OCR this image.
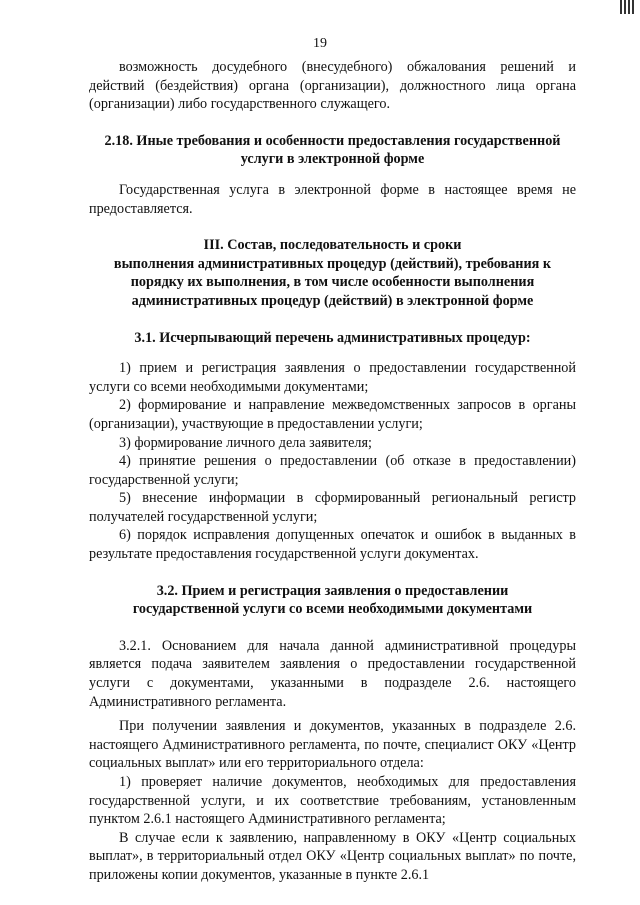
19

возможность досудебного (внесудебного) обжалования решений и действий (бездействия) органа (организации), должностного лица органа (организации) либо государственного служащего.

2.18. Иные требования и особенности предоставления государственной услуги в электронной форме

Государственная услуга в электронной форме в настоящее время не предоставляется.

III. Состав, последовательность и сроки
выполнения административных процедур (действий), требования к
порядку их выполнения, в том числе особенности выполнения
административных процедур (действий) в электронной форме
3.1. Исчерпывающий перечень административных процедур:

1) прием и регистрация заявления о предоставлении государственной услуги со всеми необходимыми документами;

2) формирование и направление межведомственных запросов в органы (организации), участвующие в предоставлении услуги;

3) формирование личного дела заявителя;

4) принятие решения о предоставлении (об отказе в предоставлении) государственной услуги;

5) внесение информации в сформированный региональный регистр получателей государственной услуги;

6) порядок исправления допущенных опечаток и ошибок в выданных в результате предоставления государственной услуги документах.

3.2. Прием и регистрация заявления о предоставлении
государственной услуги со всеми необходимыми документами

3.2.1. Основанием для начала данной административной процедуры является подача заявителем заявления о предоставлении государственной услуги с документами, указанными в подразделе 2.6. настоящего Административного регламента.

При получении заявления и документов, указанных в подразделе 2.6. настоящего Административного регламента, по почте, специалист ОКУ «Центр социальных выплат» или его территориального отдела:

1) проверяет наличие документов, необходимых для предоставления государственной услуги, и их соответствие требованиям, установленным пунктом 2.6.1 настоящего Административного регламента;

В случае если к заявлению, направленному в ОКУ «Центр социальных выплат», в территориальный отдел ОКУ «Центр социальных выплат» по почте, приложены копии документов, указанные в пункте 2.6.1
